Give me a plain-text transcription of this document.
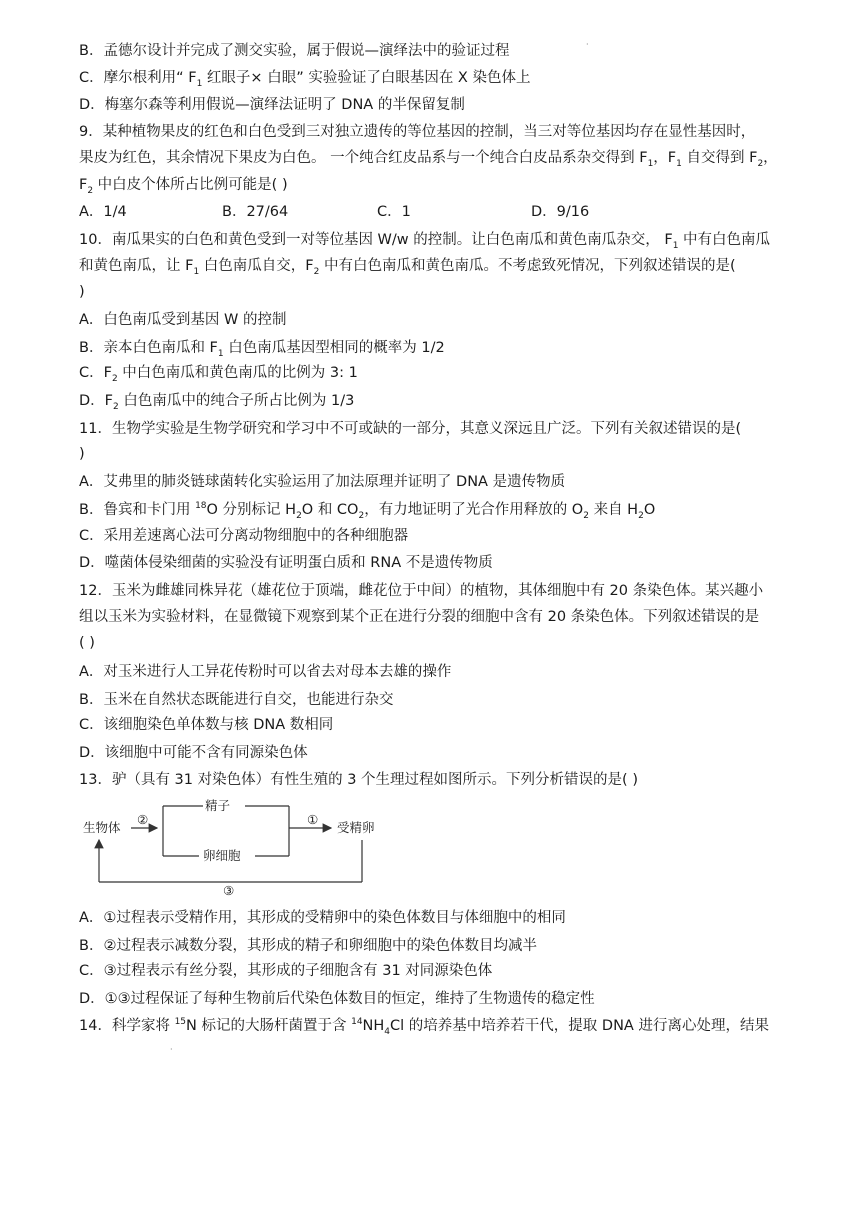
·
·
B．孟德尔设计并完成了测交实验，属于假说—演绎法中的验证过程
C．摩尔根利用“ $F_1$ 红眼子× 白眼” 实验验证了白眼基因在 X 染色体上
D．梅塞尔森等利用假说—演绎法证明了 DNA 的半保留复制
9．某种植物果皮的红色和白色受到三对独立遗传的等位基因的控制，当三对等位基因均存在显性基因时，
果皮为红色，其余情况下果皮为白色。 一个纯合红皮品系与一个纯合白皮品系杂交得到 $F_1$，$F_1$ 自交得到 $F_2$，
$F_2$ 中白皮个体所占比例可能是( )
A．1/4	B．27/64	C．1	D．9/16
10．南瓜果实的白色和黄色受到一对等位基因 W/w 的控制。让白色南瓜和黄色南瓜杂交， $F_1$ 中有白色南瓜
和黄色南瓜，让 $F_1$ 白色南瓜自交，$F_2$ 中有白色南瓜和黄色南瓜。不考虑致死情况，下列叙述错误的是(
)
A．白色南瓜受到基因 W 的控制
B．亲本白色南瓜和 $F_1$ 白色南瓜基因型相同的概率为 1/2
C．$F_2$ 中白色南瓜和黄色南瓜的比例为 3: 1
D．$F_2$ 白色南瓜中的纯合子所占比例为 1/3
11．生物学实验是生物学研究和学习中不可或缺的一部分，其意义深远且广泛。下列有关叙述错误的是(
)
A．艾弗里的肺炎链球菌转化实验运用了加法原理并证明了 DNA 是遗传物质
B．鲁宾和卡门用 $^{18}$O 分别标记 $H_2O$ 和 $CO_2$，有力地证明了光合作用释放的 $O_2$ 来自 $H_2O$
C．采用差速离心法可分离动物细胞中的各种细胞器
D．噬菌体侵染细菌的实验没有证明蛋白质和 RNA 不是遗传物质
12．玉米为雌雄同株异花（雄花位于顶端，雌花位于中间）的植物，其体细胞中有 20 条染色体。某兴趣小
组以玉米为实验材料，在显微镜下观察到某个正在进行分裂的细胞中含有 20 条染色体。下列叙述错误的是
( )
A．对玉米进行人工异花传粉时可以省去对母本去雄的操作
B．玉米在自然状态既能进行自交，也能进行杂交
C．该细胞染色单体数与核 DNA 数相同
D．该细胞中可能不含有同源染色体
13．驴（具有 31 对染色体）有性生殖的 3 个生理过程如图所示。下列分析错误的是( )
生物体
②
精子
卵细胞
①
受精卵
③
A．①过程表示受精作用，其形成的受精卵中的染色体数目与体细胞中的相同
B．②过程表示减数分裂，其形成的精子和卵细胞中的染色体数目均减半
C．③过程表示有丝分裂，其形成的子细胞含有 31 对同源染色体
D．①③过程保证了每种生物前后代染色体数目的恒定，维持了生物遗传的稳定性
14．科学家将 $^{15}$N 标记的大肠杆菌置于含 $^{14}NH_4Cl$ 的培养基中培养若干代，提取 DNA 进行离心处理，结果
